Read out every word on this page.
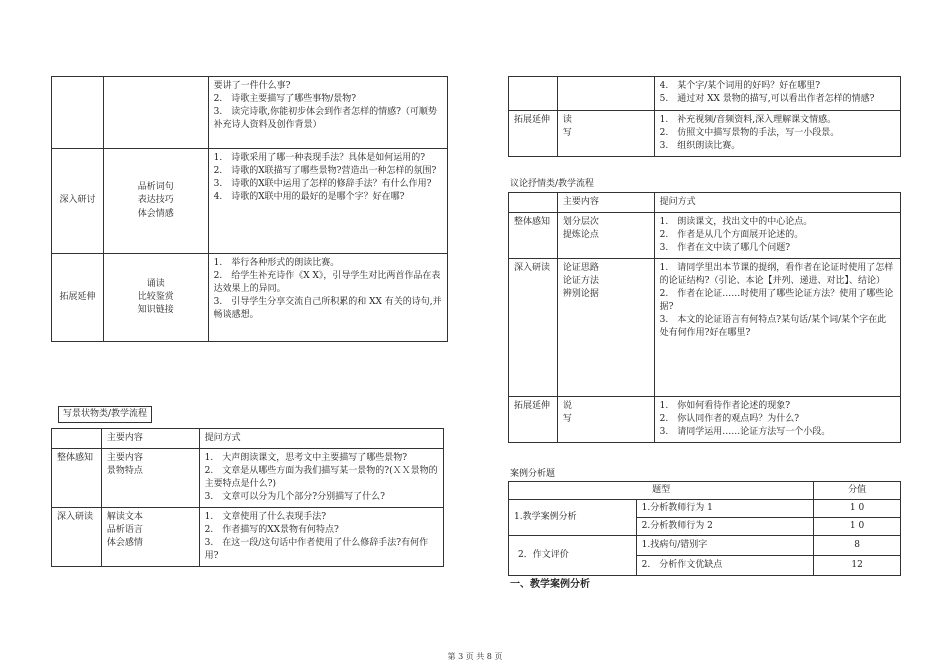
		要讲了一件什么事?
2.　诗歌主要描写了哪些事物/景物?
3.　读完诗歌,你能初步体会到作者怎样的情感?（可顺势补充诗人资料及创作背景）

深入研讨	品析词句
表达技巧
体会情感	1.　诗歌采用了哪一种表现手法？具体是如何运用的?
2.　诗歌的X联描写了哪些景物?营造出一种怎样的氛围?
3.　诗歌的X联中运用了怎样的修辞手法？有什么作用?
4.　诗歌的X联中用的最好的是哪个字？好在哪?

拓展延伸	诵读
比较鉴赏
知识链接	1.　举行各种形式的朗读比赛。
2.　给学生补充诗作《X X》，引导学生对比两首作品在表达效果上的异同。
3.　引导学生分享交流自己所积累的和 XX 有关的诗句,并畅谈感想。
写景状物类/教学流程
	主要内容	提问方式
整体感知	主要内容
景物特点	1.　大声朗读课文，思考文中主要描写了哪些景物?
2.　文章是从哪些方面为我们描写某一景物的?(ＸＸ景物的主要特点是什么?)
3.　文章可以分为几个部分?分别描写了什么?

深入研读	解读文本
品析语言
体会感情	1.　文章使用了什么表现手法?
2.　作者描写的XX景物有何特点?
3.　在这一段/这句话中作者使用了什么修辞手法?有何作用?

		4.　某个字/某个词用的好吗？好在哪里?
5.　通过对 XX 景物的描写,可以看出作者怎样的情感?

拓展延伸	读
写	1.　补充视频/音频资料,深入理解课文情感。
2.　仿照文中描写景物的手法，写一小段景。
3.　组织朗读比赛。
议论抒情类/教学流程
	主要内容	提问方式
整体感知	划分层次
提炼论点	1.　朗读课文，找出文中的中心论点。
2.　作者是从几个方面展开论述的。
3.　作者在文中读了哪几个问题?

深入研读	论证思路
论证方法
辨别论据	1.　请同学里出本节课的提纲，看作者在论证时使用了怎样的论证结构?（引论、本论【并列、递进、对比】、结论）
2.　作者在论证……时使用了哪些论证方法？使用了哪些论据?
3.　本文的论证语言有何特点?某句话/某个词/某个字在此处有何作用?好在哪里?

拓展延伸	说
写	1.　你如何看待作者论述的现象?
2.　你认同作者的观点吗？为什么?
3.　请同学运用……论证方法写一个小段。
案例分析题
题型		分值
1.教学案例分析	1.分析教师行为 1	1 0
	2.分析教师行为 2	1 0
2．作文评价	1.找病句/错别字	8
	2.　分析作文优缺点	12
一、教学案例分析
第 3 页 共 8 页
